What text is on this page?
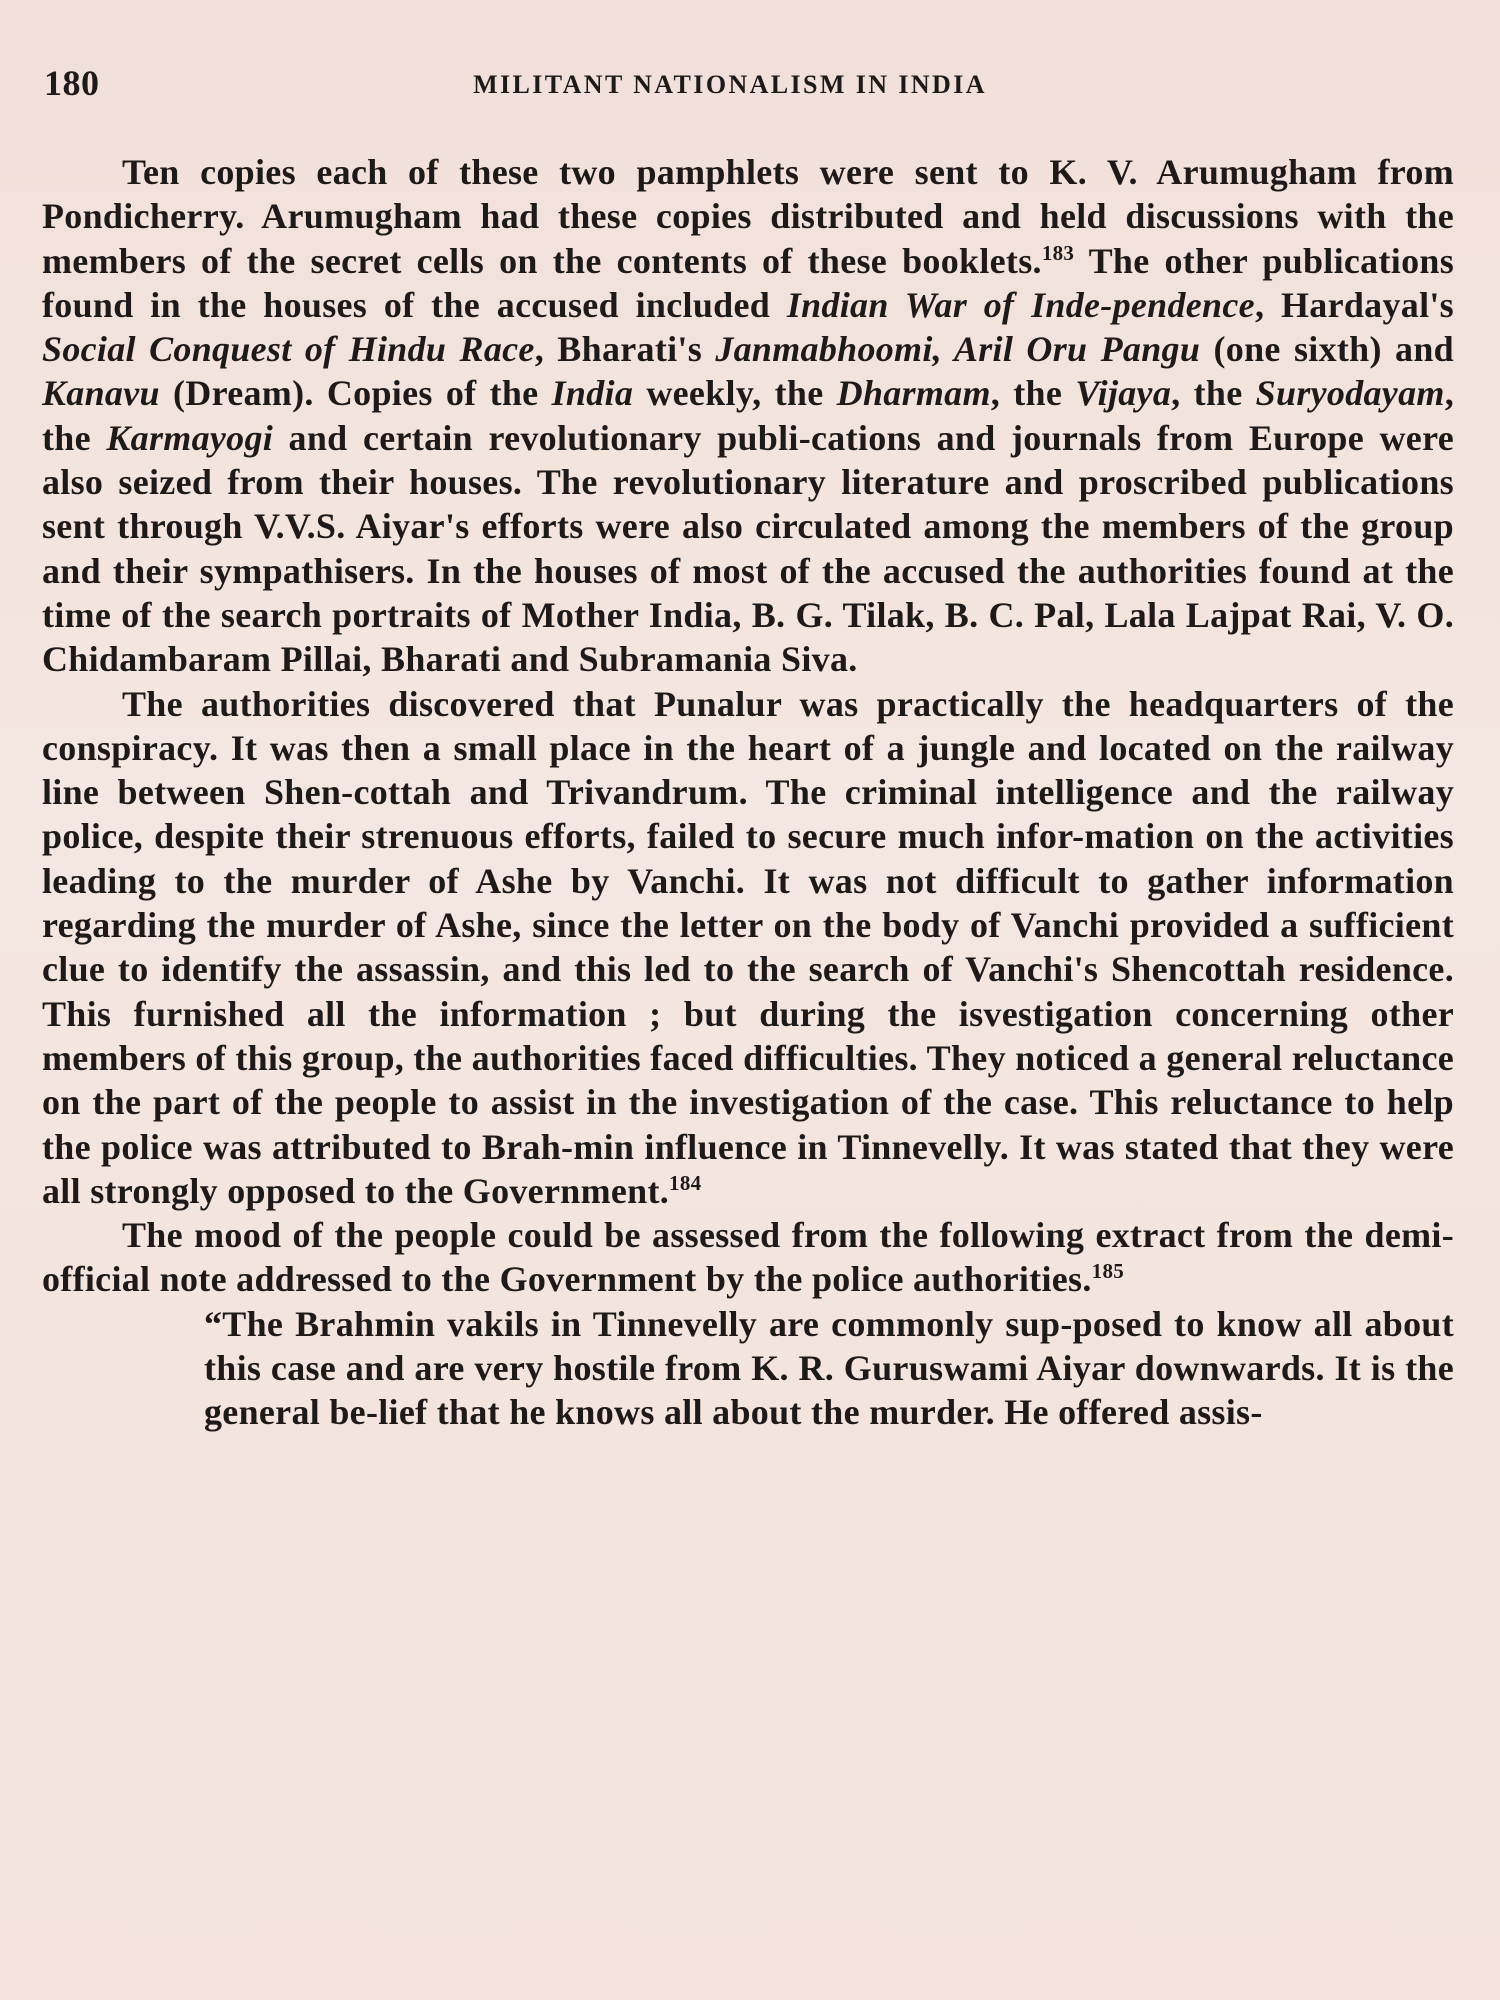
180	MILITANT NATIONALISM IN INDIA

Ten copies each of these two pamphlets were sent to K. V. Arumugham from Pondicherry. Arumugham had these copies distributed and held discussions with the members of the secret cells on the contents of these booklets.$^{183}$ The other publications found in the houses of the accused included Indian War of Inde-pendence, Hardayal's Social Conquest of Hindu Race, Bharati's Janmabhoomi, Aril Oru Pangu (one sixth) and Kanavu (Dream). Copies of the India weekly, the Dharmam, the Vijaya, the Suryodayam, the Karmayogi and certain revolutionary publi-cations and journals from Europe were also seized from their houses. The revolutionary literature and proscribed publications sent through V.V.S. Aiyar's efforts were also circulated among the members of the group and their sympathisers. In the houses of most of the accused the authorities found at the time of the search portraits of Mother India, B. G. Tilak, B. C. Pal, Lala Lajpat Rai, V. O. Chidambaram Pillai, Bharati and Subramania Siva.

The authorities discovered that Punalur was practically the headquarters of the conspiracy. It was then a small place in the heart of a jungle and located on the railway line between Shen-cottah and Trivandrum. The criminal intelligence and the railway police, despite their strenuous efforts, failed to secure much infor-mation on the activities leading to the murder of Ashe by Vanchi. It was not difficult to gather information regarding the murder of Ashe, since the letter on the body of Vanchi provided a sufficient clue to identify the assassin, and this led to the search of Vanchi's Shencottah residence. This furnished all the information ; but during the isvestigation concerning other members of this group, the authorities faced difficulties. They noticed a general reluctance on the part of the people to assist in the investigation of the case. This reluctance to help the police was attributed to Brah-min influence in Tinnevelly. It was stated that they were all strongly opposed to the Government.$^{184}$

The mood of the people could be assessed from the following extract from the demi-official note addressed to the Government by the police authorities.$^{185}$

“The Brahmin vakils in Tinnevelly are commonly sup-posed to know all about this case and are very hostile from K. R. Guruswami Aiyar downwards. It is the general be-lief that he knows all about the murder. He offered assis-
